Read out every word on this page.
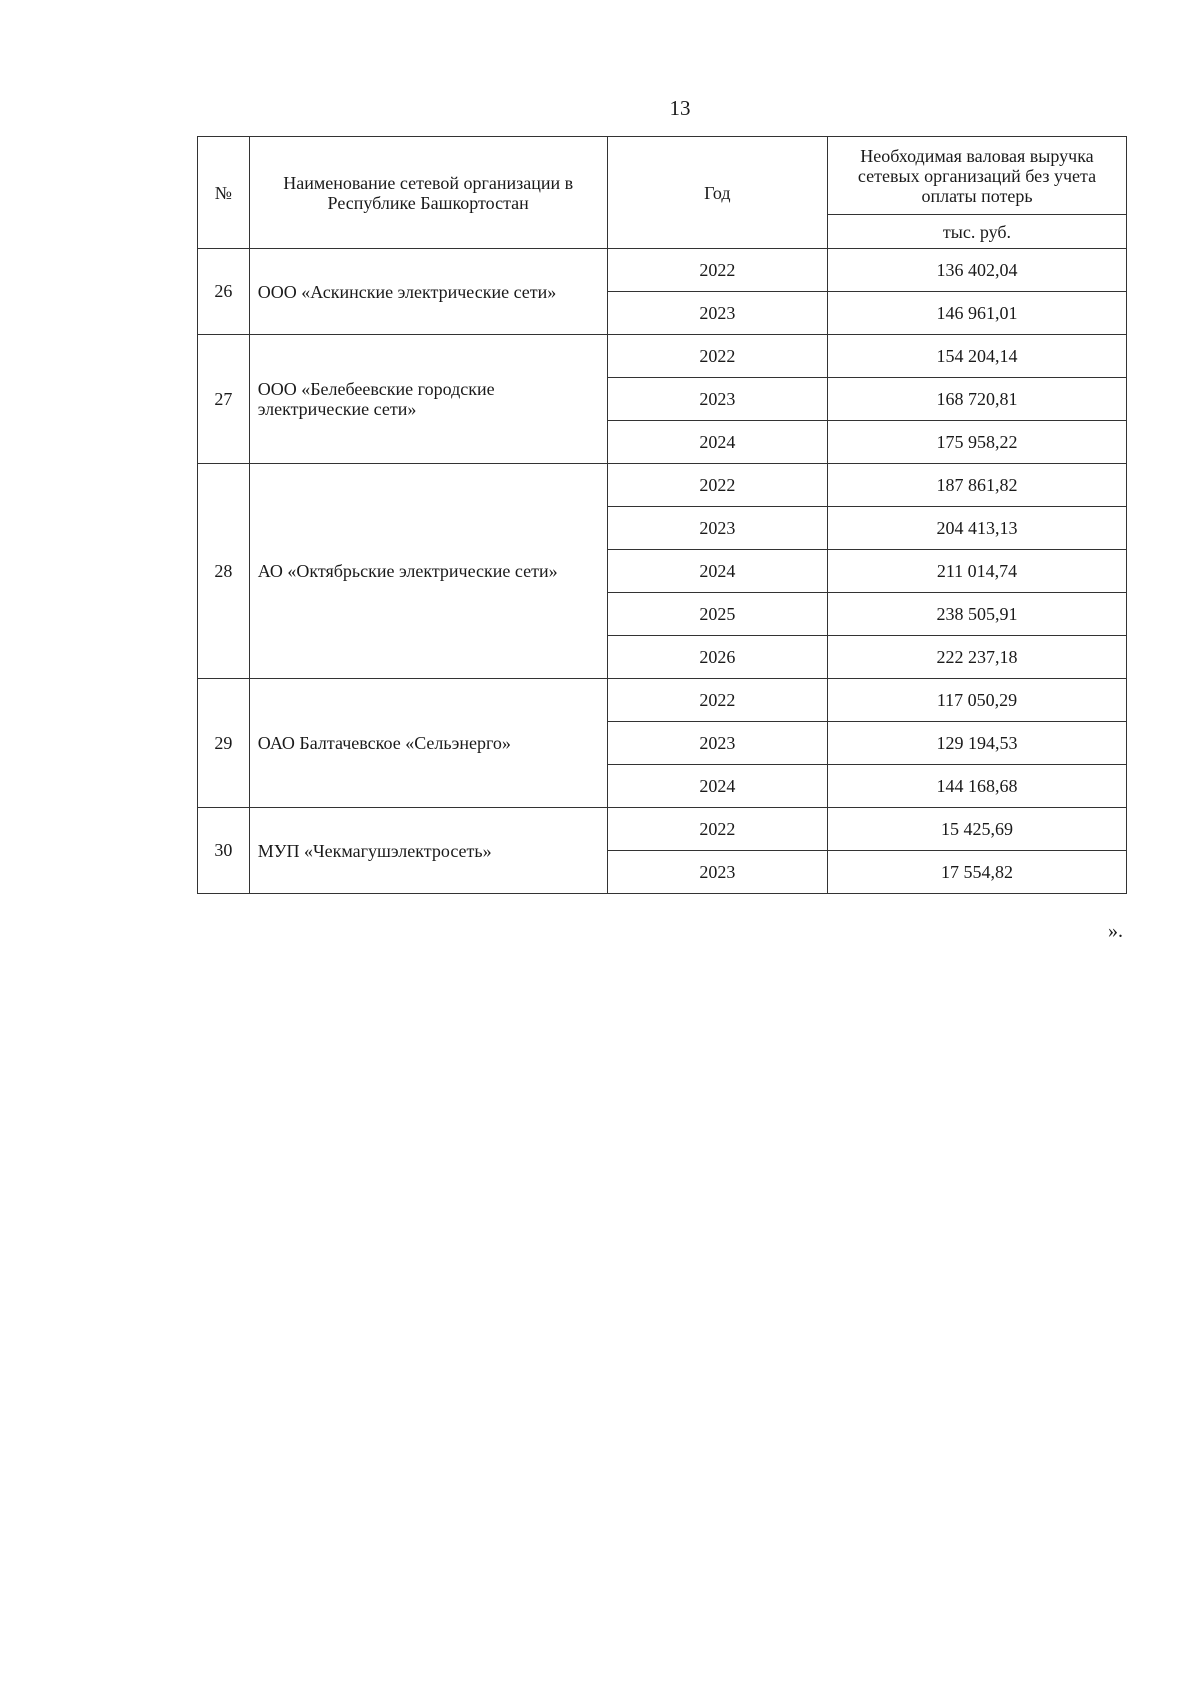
13
№	Наименование сетевой организации в Республике Башкортостан	Год	Необходимая валовая выручка сетевых организаций без учета оплаты потерь
			тыс. руб.
26	ООО «Аскинские электрические сети»	2022	136 402,04
		2023	146 961,01
27	ООО «Белебеевские городские электрические сети»	2022	154 204,14
		2023	168 720,81
		2024	175 958,22
28	АО «Октябрьские электрические сети»	2022	187 861,82
		2023	204 413,13
		2024	211 014,74
		2025	238 505,91
		2026	222 237,18
29	ОАО Балтачевское «Сельэнерго»	2022	117 050,29
		2023	129 194,53
		2024	144 168,68
30	МУП «Чекмагушэлектросеть»	2022	15 425,69
		2023	17 554,82
».
